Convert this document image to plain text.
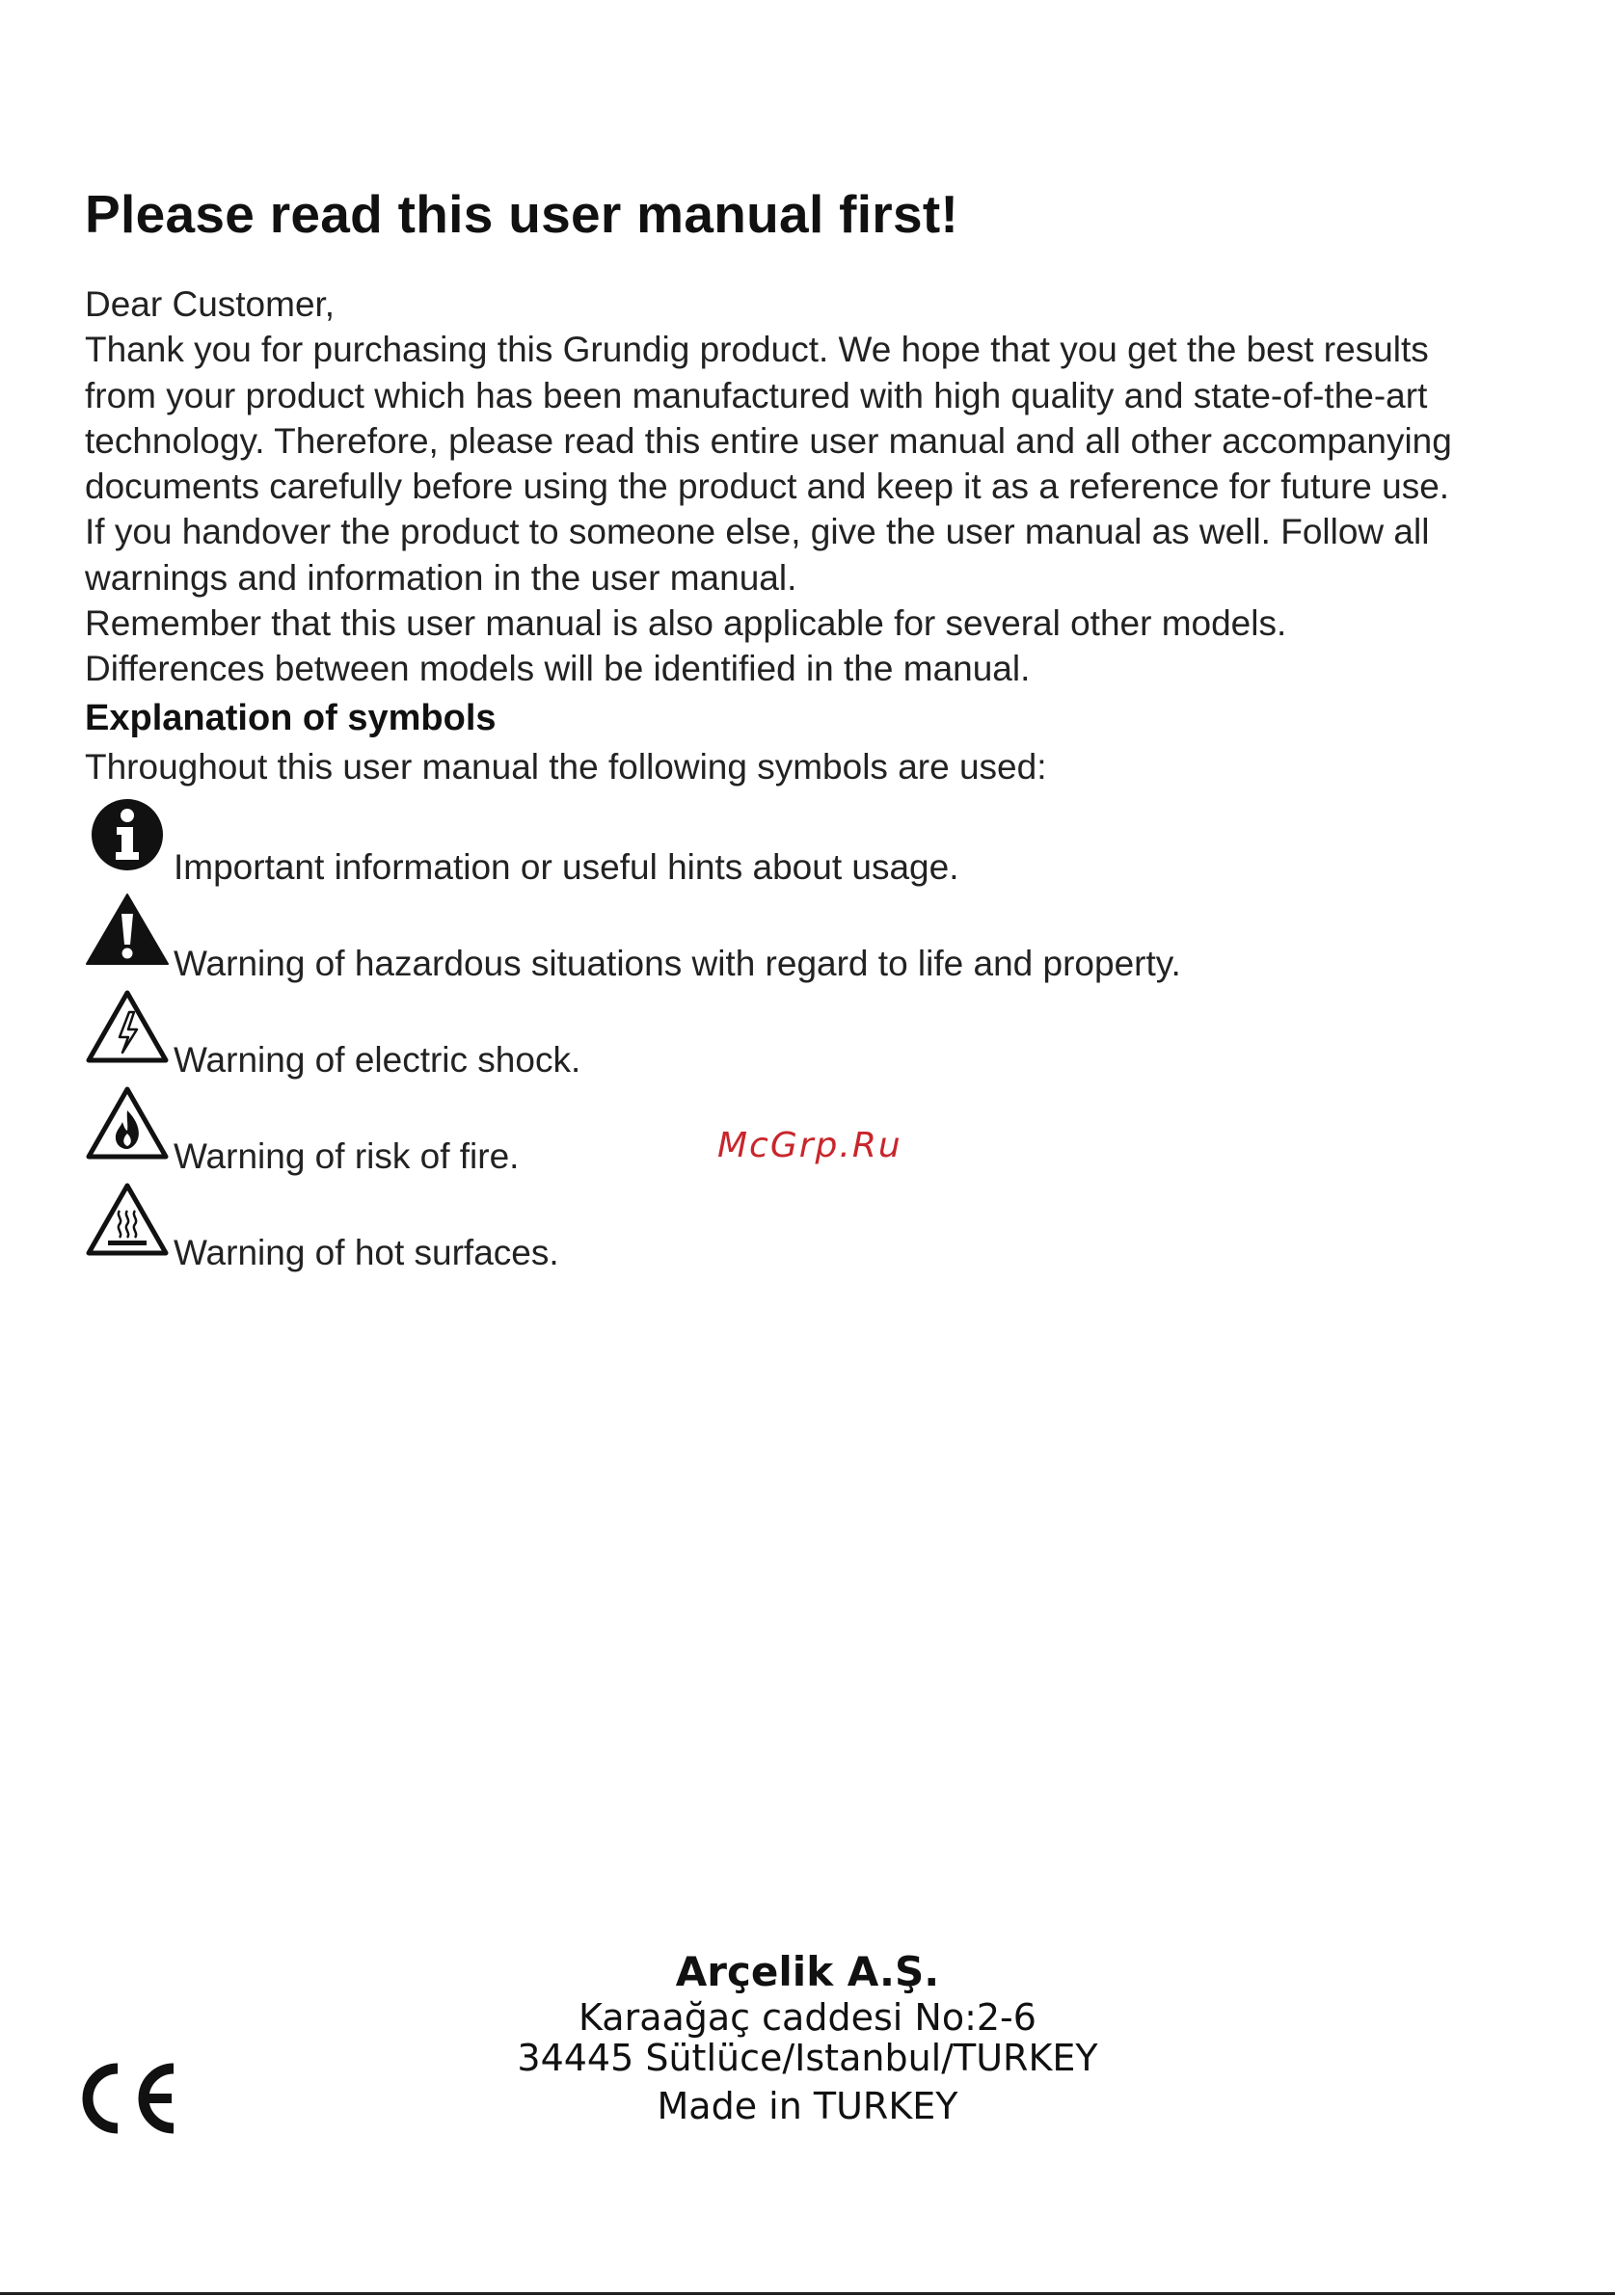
Please read this user manual first!

Dear Customer,

Thank you for purchasing this Grundig product. We hope that you get the best results

from your product which has been manufactured with high quality and state-of-the-art

technology. Therefore, please read this entire user manual and all other accompanying

documents carefully before using the product and keep it as a reference for future use.

If you handover the product to someone else, give the user manual as well. Follow all

warnings and information in the user manual.

Remember that this user manual is also applicable for several other models.

Differences between models will be identified in the manual.

Explanation of symbols

Throughout this user manual the following symbols are used:

Important information or useful hints about usage.
Warning of hazardous situations with regard to life and property.
Warning of electric shock.
Warning of risk of fire.
Warning of hot surfaces.
McGrp.Ru
Arçelik A.Ş.
Karaağaç caddesi No:2-6
34445 Sütlüce/Istanbul/TURKEY
Made in TURKEY
